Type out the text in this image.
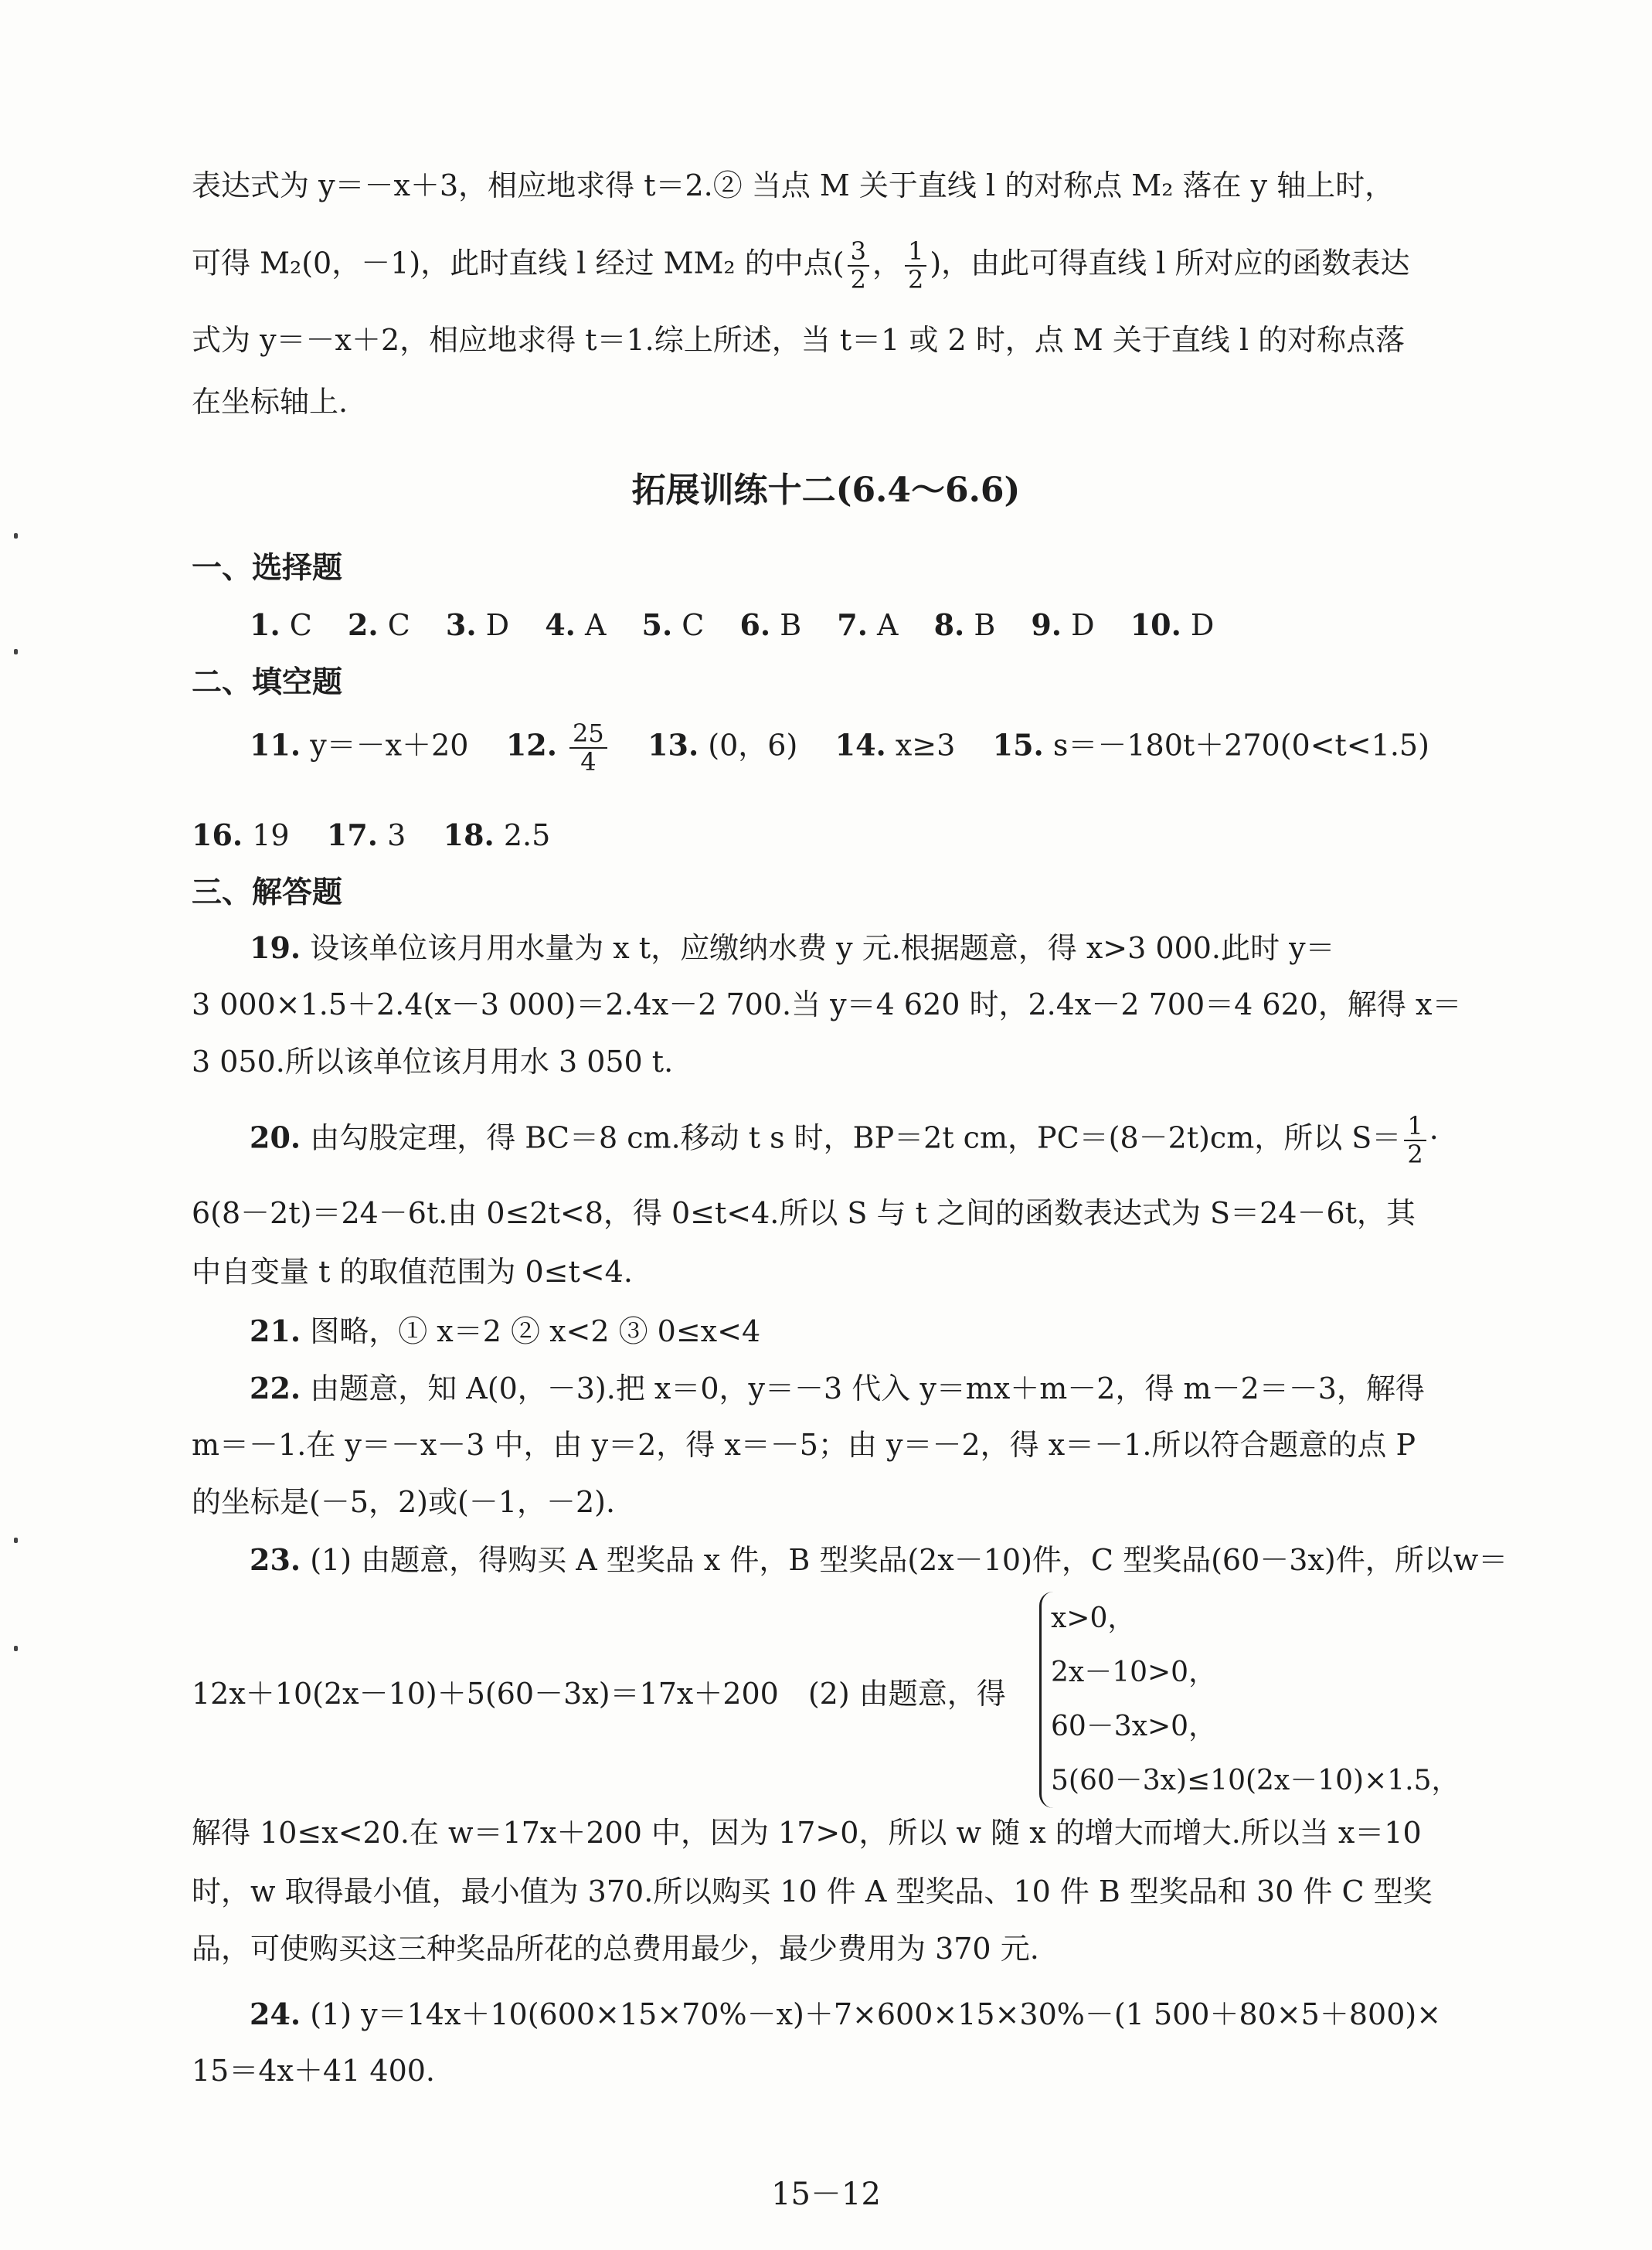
表达式为 y＝－x＋3，相应地求得 t＝2.② 当点 M 关于直线 l 的对称点 M₂ 落在 y 轴上时，
可得 M₂(0，－1)，此时直线 l 经过 MM₂ 的中点( $\frac{3}{2}$ ， $\frac{1}{2}$ )，由此可得直线 l 所对应的函数表达
式为 y＝－x＋2，相应地求得 t＝1.综上所述，当 t＝1 或 2 时，点 M 关于直线 l 的对称点落
在坐标轴上.
拓展训练十二(6.4～6.6)
一、选择题
1. C 2. C 3. D 4. A 5. C 6. B 7. A 8. B 9. D 10. D
二、填空题
11. y＝－x＋20 12. $\frac{25}{4} 13$. (0，6) 14. x≥3 15. s＝－180t＋270(0<t<1.5)
16. 19 17. 3 18. 2.5
三、解答题
19. 设该单位该月用水量为 x t，应缴纳水费 y 元.根据题意，得 x>3 000.此时 y＝
3 000×1.5＋2.4(x－3 000)＝2.4x－2 700.当 y＝4 620 时，2.4x－2 700＝4 620，解得 x＝
3 050.所以该单位该月用水 3 050 t.
20. 由勾股定理，得 BC＝8 cm.移动 t s 时，BP＝2t cm，PC＝(8－2t)cm，所以 $S= \frac{1}{2}$ ·
6(8－2t)＝24－6t.由 0≤2t<8，得 0≤t<4.所以 S 与 t 之间的函数表达式为 S＝24－6t，其
中自变量 t 的取值范围为 0≤t<4.
21. 图略，① x＝2 ② x<2 ③ 0≤x<4
22. 由题意，知 A(0，－3).把 x＝0，y＝－3 代入 y＝mx＋m－2，得 m－2＝－3，解得
m＝－1.在 y＝－x－3 中，由 y＝2，得 x＝－5；由 y＝－2，得 x＝－1.所以符合题意的点 P
的坐标是(－5，2)或(－1，－2).
23. (1) 由题意，得购买 A 型奖品 x 件，B 型奖品(2x－10)件，C 型奖品(60－3x)件，所以w＝
12x＋10(2x－10)＋5(60－3x)＝17x＋200　(2) 由题意，得
x>0，
2x－10>0，
60－3x>0，
5(60－3x)≤10(2x－10)×1.5，
解得 10≤x<20.在 w＝17x＋200 中，因为 17>0，所以 w 随 x 的增大而增大.所以当 x＝10
时，w 取得最小值，最小值为 370.所以购买 10 件 A 型奖品、10 件 B 型奖品和 30 件 C 型奖
品，可使购买这三种奖品所花的总费用最少，最少费用为 370 元.
24. (1) y＝14x＋10(600×15×70%－x)＋7×600×15×30%－(1 500＋80×5＋800)×
15＝4x＋41 400.
15－12
